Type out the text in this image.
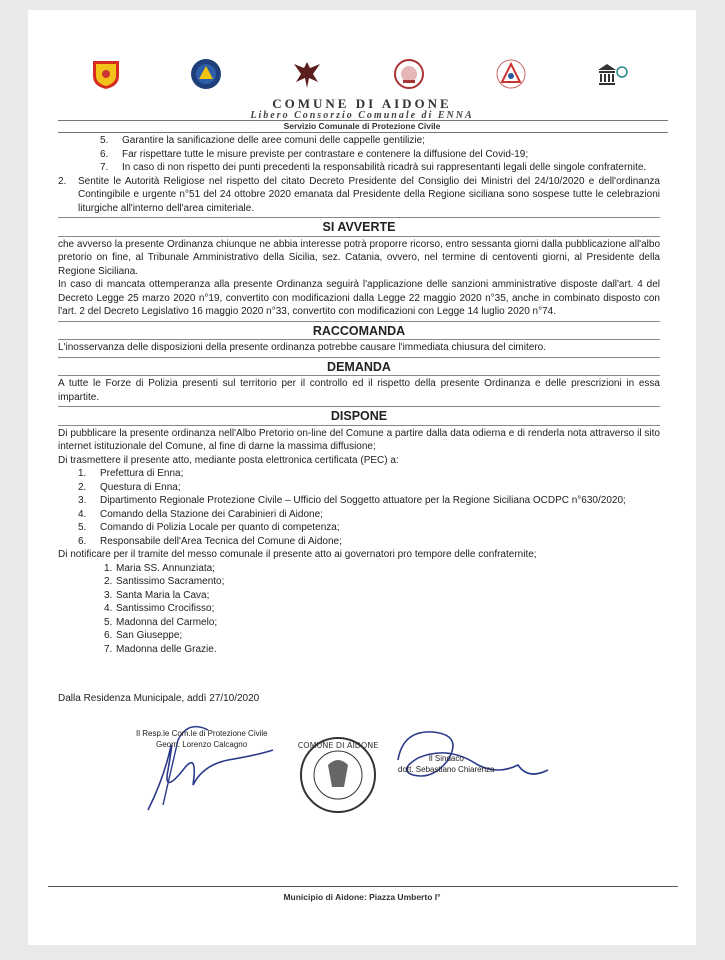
COMUNE DI AIDONE
Libero Consorzio Comunale di ENNA
Servizio Comunale di Protezione Civile
5.	Garantire la sanificazione delle aree comuni delle cappelle gentilizie;
6.	Far rispettare tutte le misure previste per contrastare e contenere la diffusione del Covid-19;
7.	In caso di non rispetto dei punti precedenti la responsabilità ricadrà sui rappresentanti legali delle singole confraternite.
2.	Sentite le Autorità Religiose nel rispetto del citato Decreto Presidente del Consiglio dei Ministri del 24/10/2020 e dell'ordinanza Contingibile e urgente n°51 del 24 ottobre 2020 emanata dal Presidente della Regione siciliana sono sospese tutte le celebrazioni liturgiche all'interno dell'area cimiteriale.
SI AVVERTE

che avverso la presente Ordinanza chiunque ne abbia interesse potrà proporre ricorso, entro sessanta giorni dalla pubblicazione all'albo pretorio on fine, al Tribunale Amministrativo della Sicilia, sez. Catania, ovvero, nel termine di centoventi giorni, al Presidente della Regione Siciliana.

In caso di mancata ottemperanza alla presente Ordinanza seguirà l'applicazione delle sanzioni amministrative disposte dall'art. 4 del Decreto Legge 25 marzo 2020 n°19, convertito con modificazioni dalla Legge 22 maggio 2020 n°35, anche in combinato disposto con l'art. 2 del Decreto Legislativo 16 maggio 2020 n°33, convertito con modificazioni con Legge 14 luglio 2020 n°74.

RACCOMANDA

L'inosservanza delle disposizioni della presente ordinanza potrebbe causare l'immediata chiusura del cimitero.

DEMANDA

A tutte le Forze di Polizia presenti sul territorio per il controllo ed il rispetto della presente Ordinanza e delle prescrizioni in essa impartite.

DISPONE

Di pubblicare la presente ordinanza nell'Albo Pretorio on-line del Comune a partire dalla data odierna e di renderla nota attraverso il sito internet istituzionale del Comune, al fine di darne la massima diffusione;

Di trasmettere il presente atto, mediante posta elettronica certificata (PEC) a:

1.	Prefettura di Enna;
2.	Questura di Enna;
3.	Dipartimento Regionale Protezione Civile – Ufficio del Soggetto attuatore per la Regione Siciliana OCDPC n°630/2020;
4.	Comando della Stazione dei Carabinieri di Aidone;
5.	Comando di Polizia Locale per quanto di competenza;
6.	Responsabile dell'Area Tecnica del Comune di Aidone;

Di notificare per il tramite del messo comunale il presente atto ai governatori pro tempore delle confraternite;

1. Maria SS. Annunziata;
2. Santissimo Sacramento;
3. Santa Maria la Cava;
4. Santissimo Crocifisso;
5. Madonna del Carmelo;
6. San Giuseppe;
7. Madonna delle Grazie.
Dalla Residenza Municipale, addì 27/10/2020
Il Resp.le Com.le di Protezione Civile
Geom. Lorenzo Calcagno	COMUNE DI AIDONE
Il Sindaco
dott. Sebastiano Chiarenza
Municipio di Aidone: Piazza Umberto I°
